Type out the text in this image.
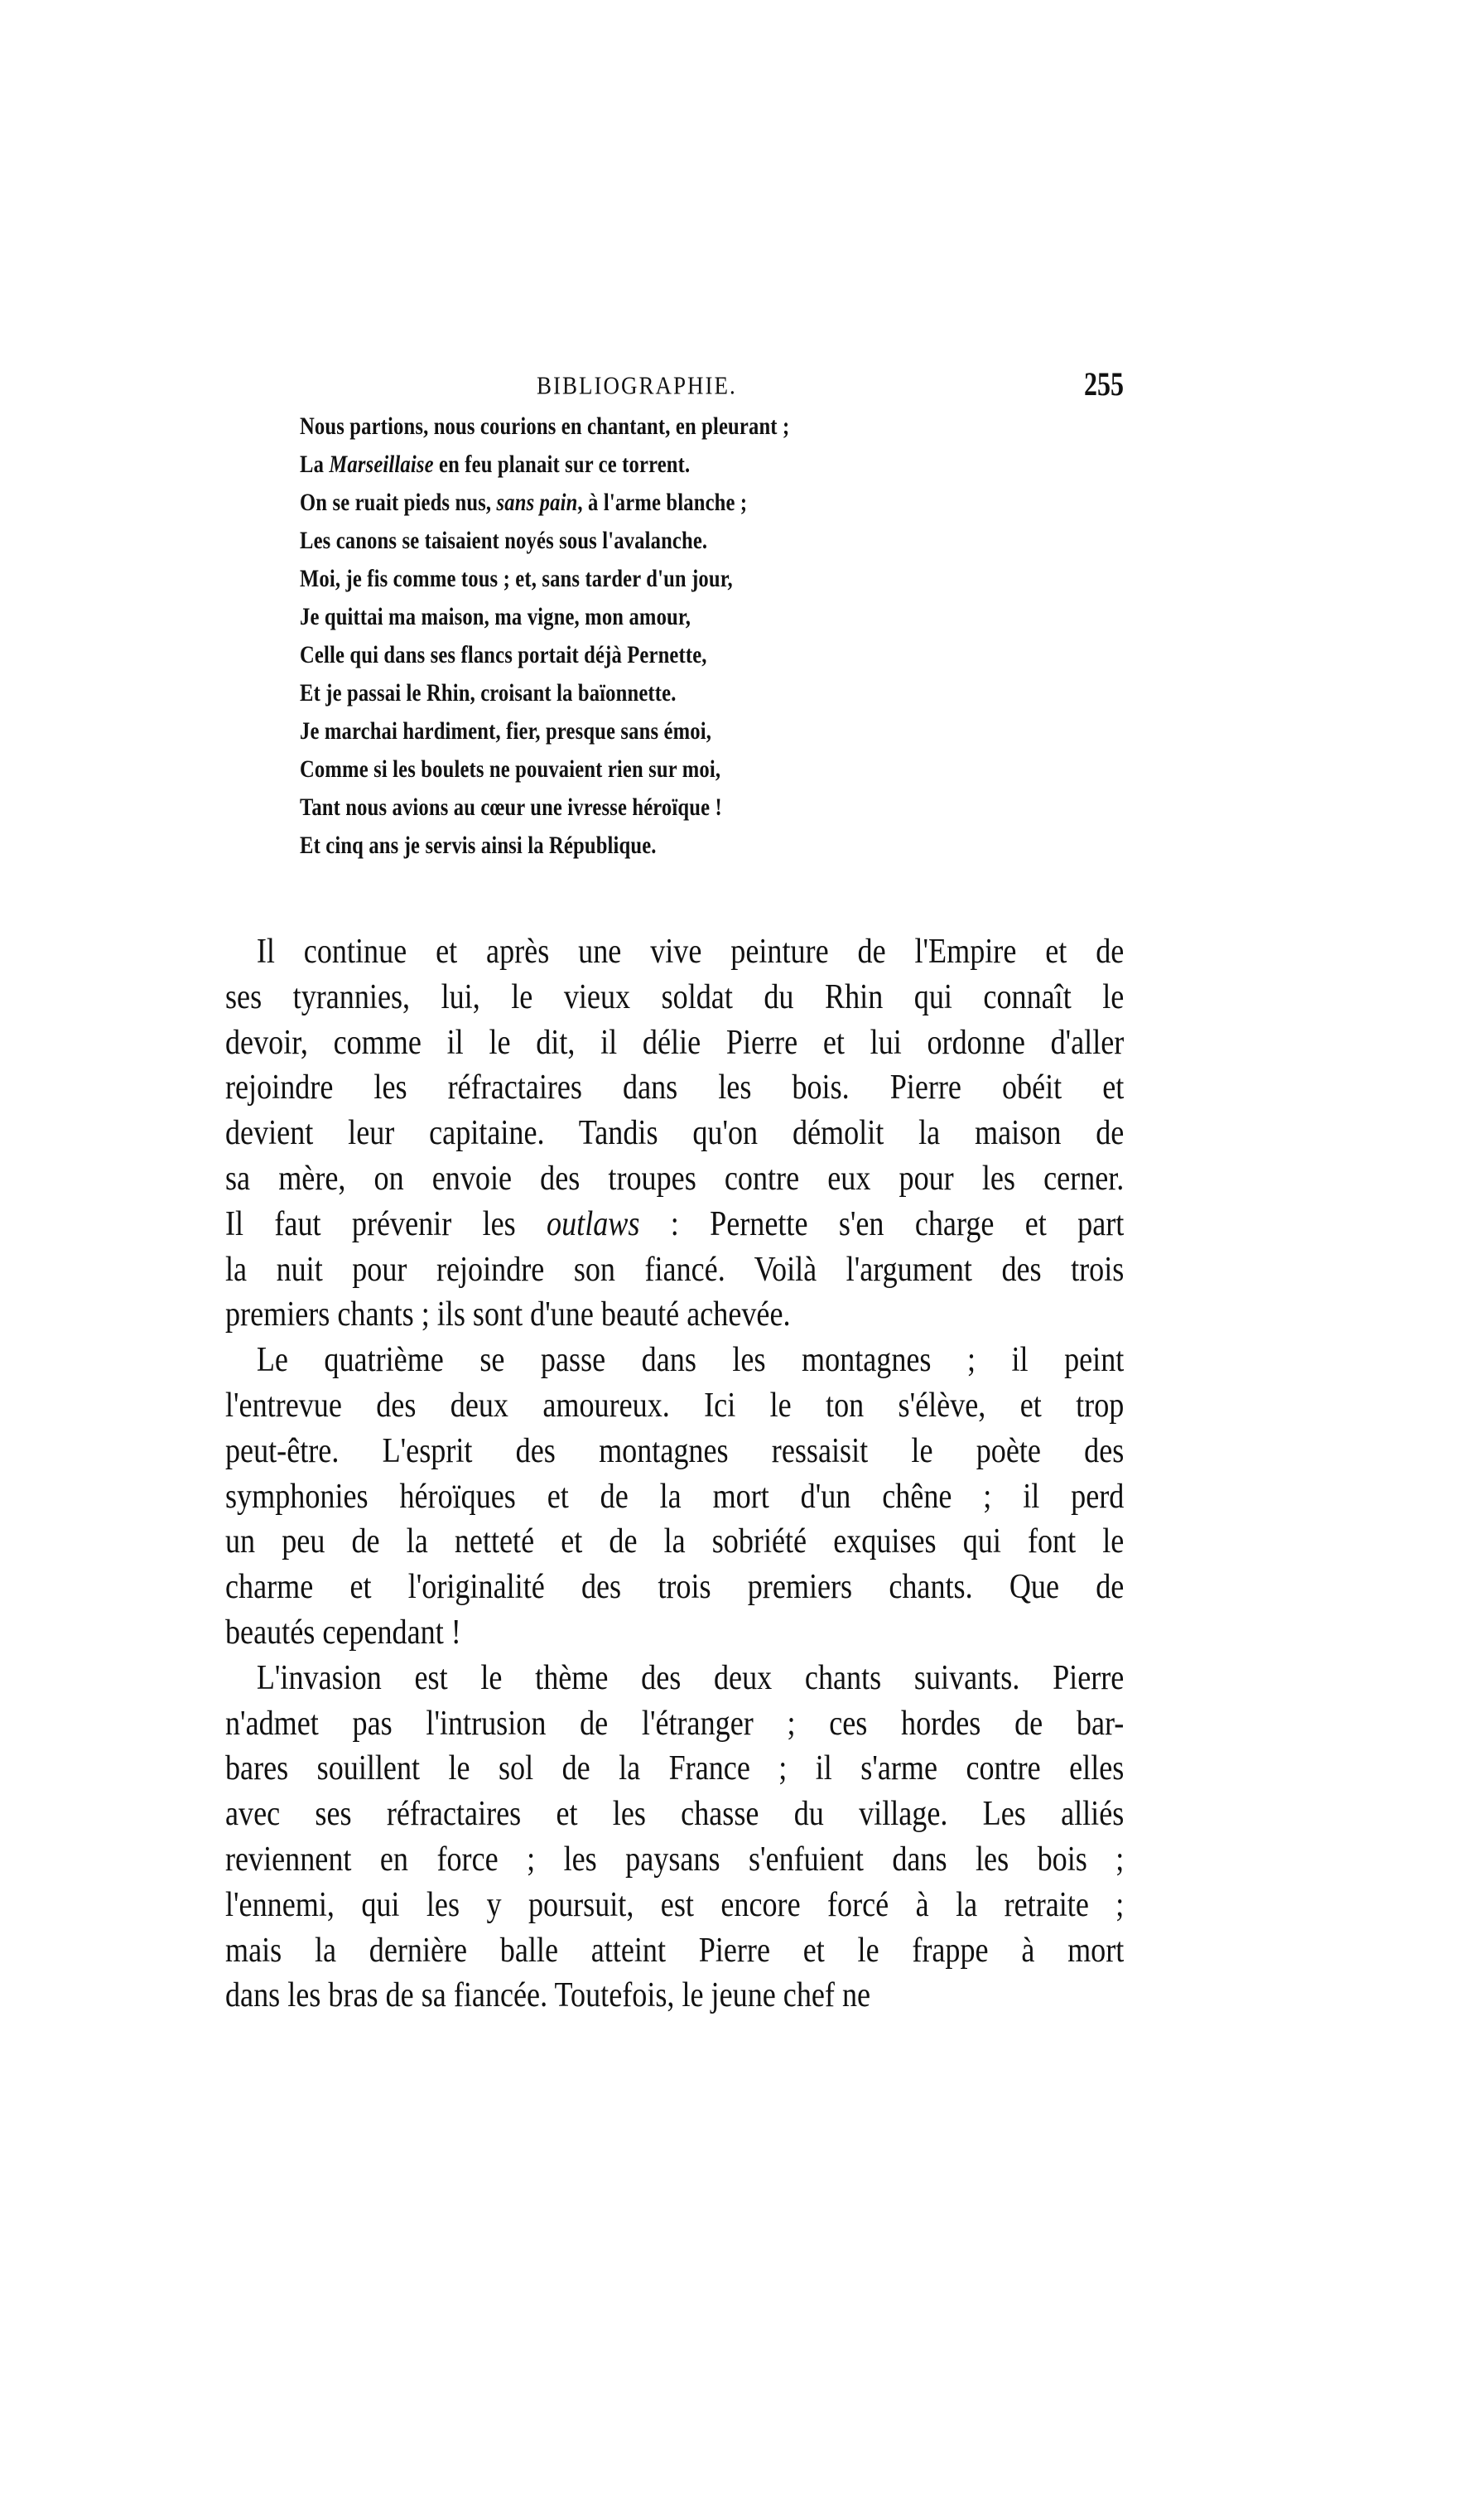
BIBLIOGRAPHIE.	255
Nous partions, nous courions en chantant, en pleurant ;
La Marseillaise en feu planait sur ce torrent.
On se ruait pieds nus, sans pain, à l'arme blanche ;
Les canons se taisaient noyés sous l'avalanche.
Moi, je fis comme tous ; et, sans tarder d'un jour,
Je quittai ma maison, ma vigne, mon amour,
Celle qui dans ses flancs portait déjà Pernette,
Et je passai le Rhin, croisant la baïonnette.
Je marchai hardiment, fier, presque sans émoi,
Comme si les boulets ne pouvaient rien sur moi,
Tant nous avions au cœur une ivresse héroïque !
Et cinq ans je servis ainsi la République.
Il continue et après une vive peinture de l'Empire et de
ses tyrannies, lui, le vieux soldat du Rhin qui connaît le
devoir, comme il le dit, il délie Pierre et lui ordonne d'aller
rejoindre les réfractaires dans les bois. Pierre obéit et
devient leur capitaine. Tandis qu'on démolit la maison de
sa mère, on envoie des troupes contre eux pour les cerner.
Il faut prévenir les outlaws : Pernette s'en charge et part
la nuit pour rejoindre son fiancé. Voilà l'argument des trois
premiers chants ; ils sont d'une beauté achevée.
Le quatrième se passe dans les montagnes ; il peint
l'entrevue des deux amoureux. Ici le ton s'élève, et trop
peut-être. L'esprit des montagnes ressaisit le poète des
symphonies héroïques et de la mort d'un chêne ; il perd
un peu de la netteté et de la sobriété exquises qui font le
charme et l'originalité des trois premiers chants. Que de
beautés cependant !
L'invasion est le thème des deux chants suivants. Pierre
n'admet pas l'intrusion de l'étranger ; ces hordes de bar-
bares souillent le sol de la France ; il s'arme contre elles
avec ses réfractaires et les chasse du village. Les alliés
reviennent en force ; les paysans s'enfuient dans les bois ;
l'ennemi, qui les y poursuit, est encore forcé à la retraite ;
mais la dernière balle atteint Pierre et le frappe à mort
dans les bras de sa fiancée. Toutefois, le jeune chef ne
